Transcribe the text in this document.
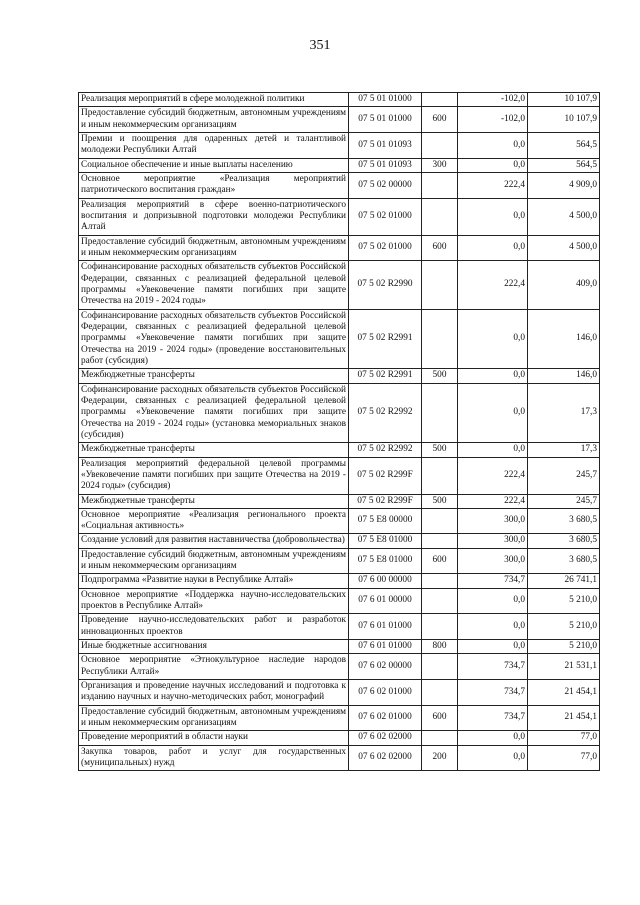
351
Реализация мероприятий в сфере молодежной политики	07 5 01 01000		-102,0	10 107,9
Предоставление субсидий бюджетным, автономным учреждениям и иным некоммерческим организациям	07 5 01 01000	600	-102,0	10 107,9
Премии и поощрения для одаренных детей и талантливой молодежи Республики Алтай	07 5 01 01093		0,0	564,5
Социальное обеспечение и иные выплаты населению	07 5 01 01093	300	0,0	564,5
Основное мероприятие «Реализация мероприятий патриотического воспитания граждан»	07 5 02 00000		222,4	4 909,0
Реализация мероприятий в сфере военно-патриотического воспитания и допризывной подготовки молодежи Республики Алтай	07 5 02 01000		0,0	4 500,0
Предоставление субсидий бюджетным, автономным учреждениям и иным некоммерческим организациям	07 5 02 01000	600	0,0	4 500,0
Софинансирование расходных обязательств субъектов Российской Федерации, связанных с реализацией федеральной целевой программы «Увековечение памяти погибших при защите Отечества на 2019 - 2024 годы»	07 5 02 R2990		222,4	409,0
Софинансирование расходных обязательств субъектов Российской Федерации, связанных с реализацией федеральной целевой программы «Увековечение памяти погибших при защите Отечества на 2019 - 2024 годы» (проведение восстановительных работ (субсидия)	07 5 02 R2991		0,0	146,0
Межбюджетные трансферты	07 5 02 R2991	500	0,0	146,0
Софинансирование расходных обязательств субъектов Российской Федерации, связанных с реализацией федеральной целевой программы «Увековечение памяти погибших при защите Отечества на 2019 - 2024 годы» (установка мемориальных знаков (субсидия)	07 5 02 R2992		0,0	17,3
Межбюджетные трансферты	07 5 02 R2992	500	0,0	17,3
Реализация мероприятий федеральной целевой программы «Увековечение памяти погибших при защите Отечества на 2019 - 2024 годы» (субсидия)	07 5 02 R299F		222,4	245,7
Межбюджетные трансферты	07 5 02 R299F	500	222,4	245,7
Основное мероприятие «Реализация регионального проекта «Социальная активность»	07 5 E8 00000		300,0	3 680,5
Создание условий для развития наставничества (добровольчества)	07 5 E8 01000		300,0	3 680,5
Предоставление субсидий бюджетным, автономным учреждениям и иным некоммерческим организациям	07 5 E8 01000	600	300,0	3 680,5
Подпрограмма «Развитие науки в Республике Алтай»	07 6 00 00000		734,7	26 741,1
Основное мероприятие «Поддержка научно-исследовательских проектов в Республике Алтай»	07 6 01 00000		0,0	5 210,0
Проведение научно-исследовательских работ и разработок инновационных проектов	07 6 01 01000		0,0	5 210,0
Иные бюджетные ассигнования	07 6 01 01000	800	0,0	5 210,0
Основное мероприятие «Этнокультурное наследие народов Республики Алтай»	07 6 02 00000		734,7	21 531,1
Организация и проведение научных исследований и подготовка к изданию научных и научно-методических работ, монографий	07 6 02 01000		734,7	21 454,1
Предоставление субсидий бюджетным, автономным учреждениям и иным некоммерческим организациям	07 6 02 01000	600	734,7	21 454,1
Проведение мероприятий в области науки	07 6 02 02000		0,0	77,0
Закупка товаров, работ и услуг для государственных (муниципальных) нужд	07 6 02 02000	200	0,0	77,0
